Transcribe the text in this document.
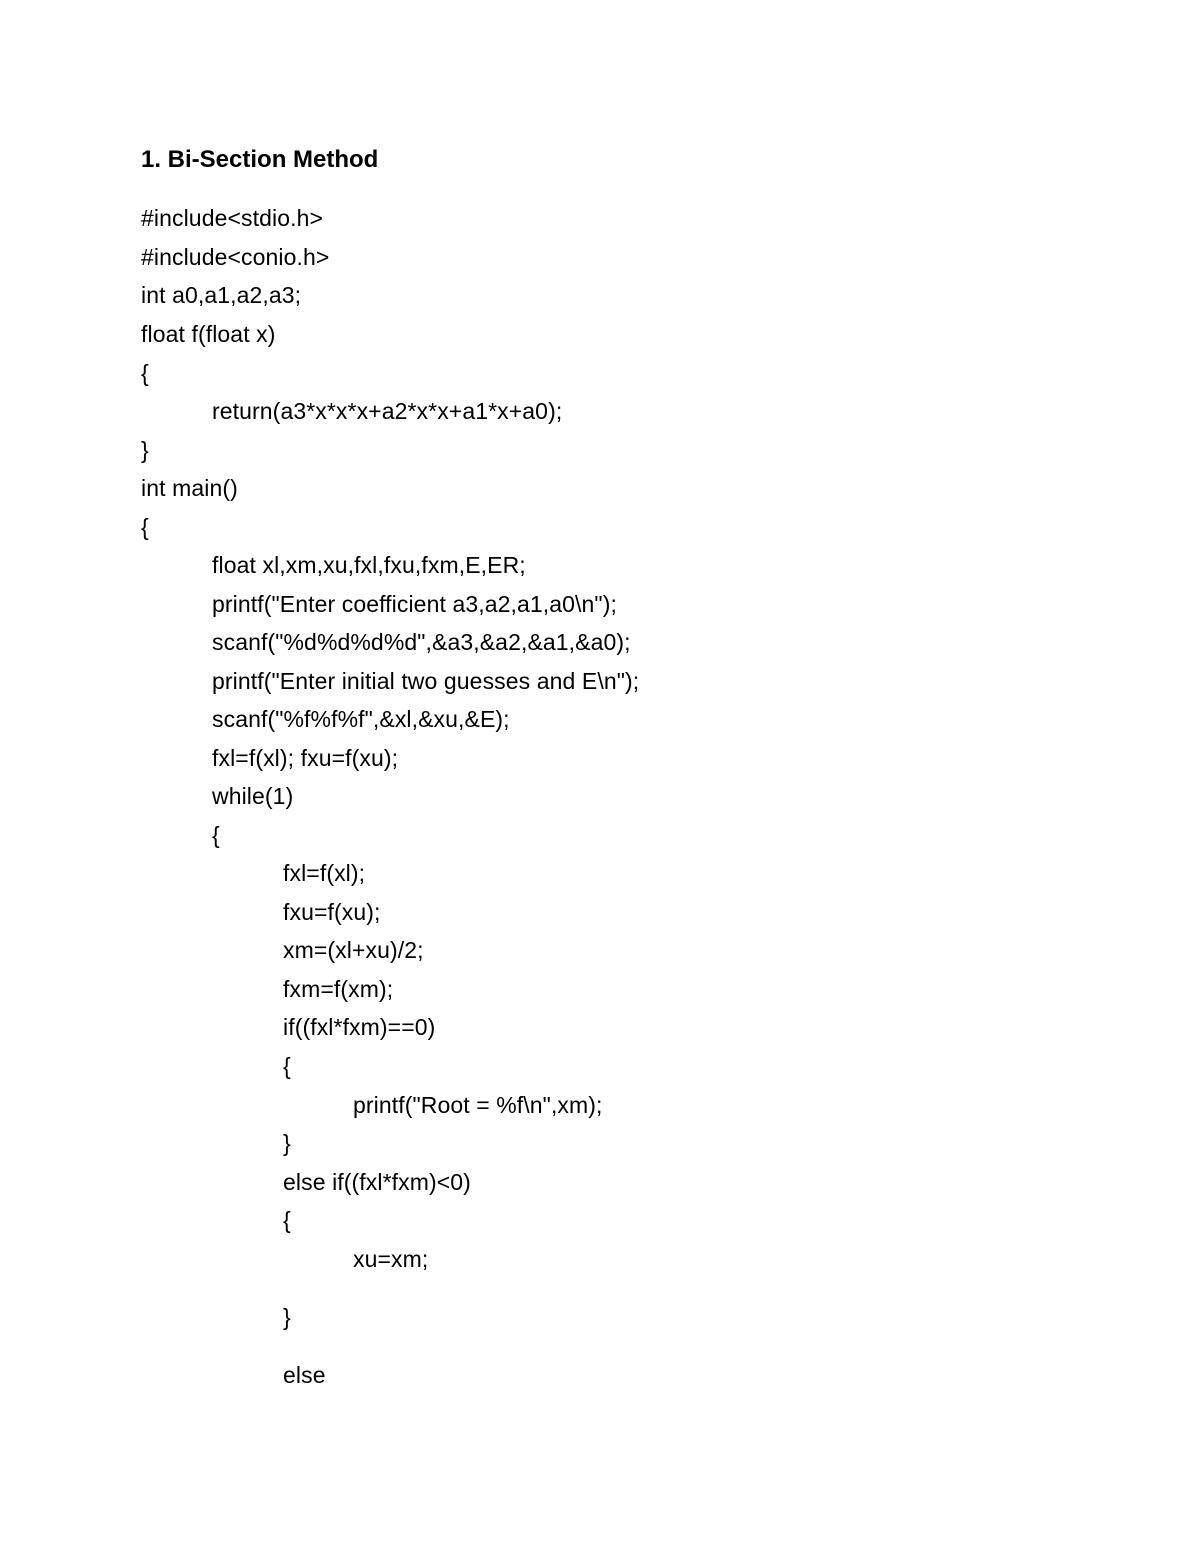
1. Bi-Section Method
#include<stdio.h>
#include<conio.h>
int a0,a1,a2,a3;
float f(float x)
{
return(a3*x*x*x+a2*x*x+a1*x+a0);
}
int main()
{
float xl,xm,xu,fxl,fxu,fxm,E,ER;
printf("Enter coefficient a3,a2,a1,a0\n");
scanf("%d%d%d%d",&a3,&a2,&a1,&a0);
printf("Enter initial two guesses and E\n");
scanf("%f%f%f",&xl,&xu,&E);
fxl=f(xl); fxu=f(xu);
while(1)
{
fxl=f(xl);
fxu=f(xu);
xm=(xl+xu)/2;
fxm=f(xm);
if((fxl*fxm)==0)
{
printf("Root = %f\n",xm);
}
else if((fxl*fxm)<0)
{
xu=xm;
}
else
